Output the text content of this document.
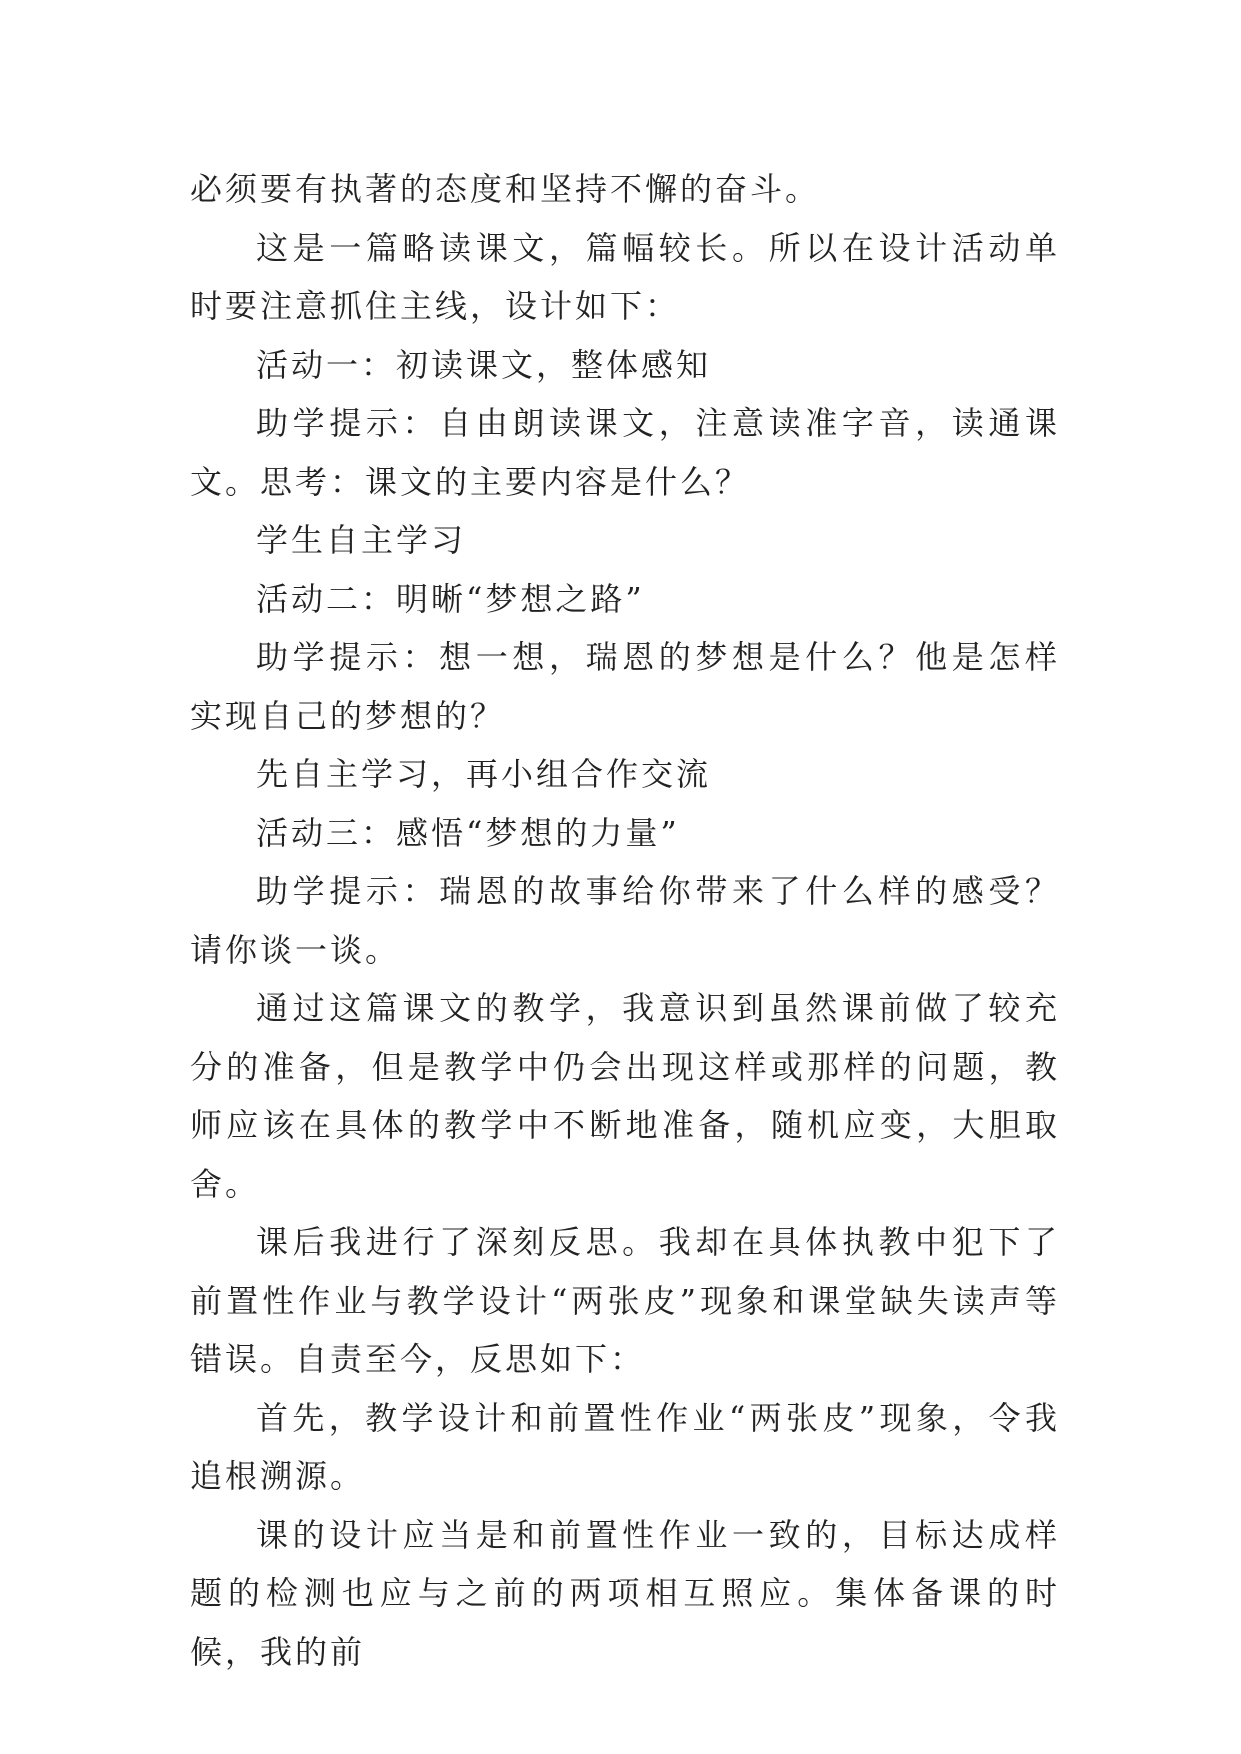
必须要有执著的态度和坚持不懈的奋斗。

这是一篇略读课文，篇幅较长。所以在设计活动单时要注意抓住主线，设计如下：

活动一：初读课文，整体感知

助学提示：自由朗读课文，注意读准字音，读通课文。思考：课文的主要内容是什么？

学生自主学习

活动二：明晰“梦想之路”

助学提示：想一想，瑞恩的梦想是什么？他是怎样实现自己的梦想的？

先自主学习，再小组合作交流

活动三：感悟“梦想的力量”

助学提示：瑞恩的故事给你带来了什么样的感受？请你谈一谈。

通过这篇课文的教学，我意识到虽然课前做了较充分的准备，但是教学中仍会出现这样或那样的问题，教师应该在具体的教学中不断地准备，随机应变，大胆取舍。

课后我进行了深刻反思。我却在具体执教中犯下了前置性作业与教学设计“两张皮”现象和课堂缺失读声等错误。自责至今，反思如下：

首先，教学设计和前置性作业“两张皮”现象，令我追根溯源。

课的设计应当是和前置性作业一致的，目标达成样题的检测也应与之前的两项相互照应。集体备课的时候，我的前
